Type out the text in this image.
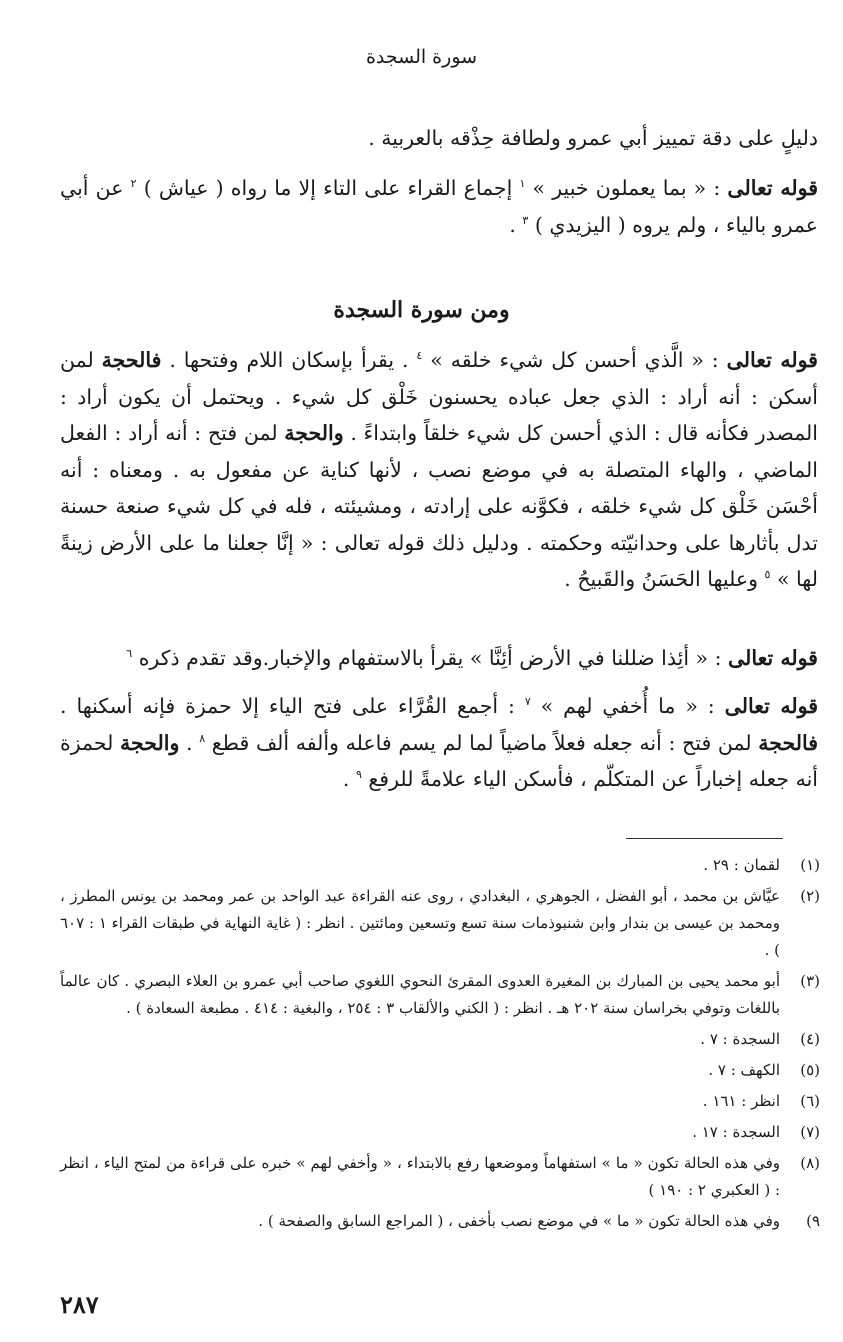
سورة السجدة
دليلٍ على دقة تمييز أبي عمرو ولطافة حِذْقه بالعربية .
قوله تعالى : « بما يعملون خبير » $^١$ إجماع القراء على التاء إلا ما رواه ( عياش ) $^٢$ عن أبي عمرو بالياء ، ولم يروه ( اليزيدي ) $^٣$ .
ومن سورة السجدة
قوله تعالى : « الَّذي أحسن كل شيء خلقه » $^٤$ . يقرأ بإسكان اللام وفتحها . فالحجة لمن أسكن : أنه أراد : الذي جعل عباده يحسنون خَلْق كل شيء . ويحتمل أن يكون أراد : المصدر فكأنه قال : الذي أحسن كل شيء خلقاً وابتداءً . والحجة لمن فتح : أنه أراد : الفعل الماضي ، والهاء المتصلة به في موضع نصب ، لأنها كناية عن مفعول به . ومعناه : أنه أحْسَن خَلْق كل شيء خلقه ، فكوَّنه على إرادته ، ومشيئته ، فله في كل شيء صنعة حسنة تدل بأثارها على وحدانيّته وحكمته . ودليل ذلك قوله تعالى : « إنَّا جعلنا ما على الأرض زينةً لها » $^٥$ وعليها الحَسَنُ والقَبيحُ .
قوله تعالى : « أئِذا ضللنا في الأرض أئِنَّا » يقرأ بالاستفهام والإخبار.وقد تقدم ذكره $^٦$
قوله تعالى : « ما أُخفي لهم » $^٧$ : أجمع القُرَّاء على فتح الياء إلا حمزة فإنه أسكنها . فالحجة لمن فتح : أنه جعله فعلاً ماضياً لما لم يسم فاعله وألفه ألف قطع $^٨$ . والحجة لحمزة أنه جعله إخباراً عن المتكلّم ، فأسكن الياء علامةً للرفع $^٩$ .
(١)
لقمان : ٢٩ .
(٢)
عيَّاش بن محمد ، أبو الفضل ، الجوهري ، البغدادي ، روى عنه القراءة عبد الواحد بن عمر ومحمد بن يونس المطرز ، ومحمد بن عيسى بن بندار وابن شنبوذمات سنة تسع وتسعين ومائتين . انظر : ( غاية النهاية في طبقات القراء ١ : ٦٠٧ ) .
(٣)
أبو محمد يحيى بن المبارك بن المغيرة العدوى المقرئ النحوي اللغوي صاحب أبي عمرو بن العلاء البصري . كان عالماً باللغات وتوفي بخراسان سنة ٢٠٢ هـ . انظر : ( الكني والألقاب ٣ : ٢٥٤ ، والبغية : ٤١٤ . مطبعة السعادة ) .
(٤)
السجدة : ٧ .
(٥)
الكهف : ٧ .
(٦)
انظر : ١٦١ .
(٧)
السجدة : ١٧ .
(٨)
وفي هذه الحالة تكون « ما » استفهاماً وموضعها رفع بالابتداء ، « وأخفي لهم » خبره على قراءة من لمتح الياء ، انظر : ( العكبري ٢ : ١٩٠ )
٩)
وفي هذه الحالة تكون « ما » في موضع نصب بأخفى ، ( المراجع السابق والصفحة ) .
٢٨٧
